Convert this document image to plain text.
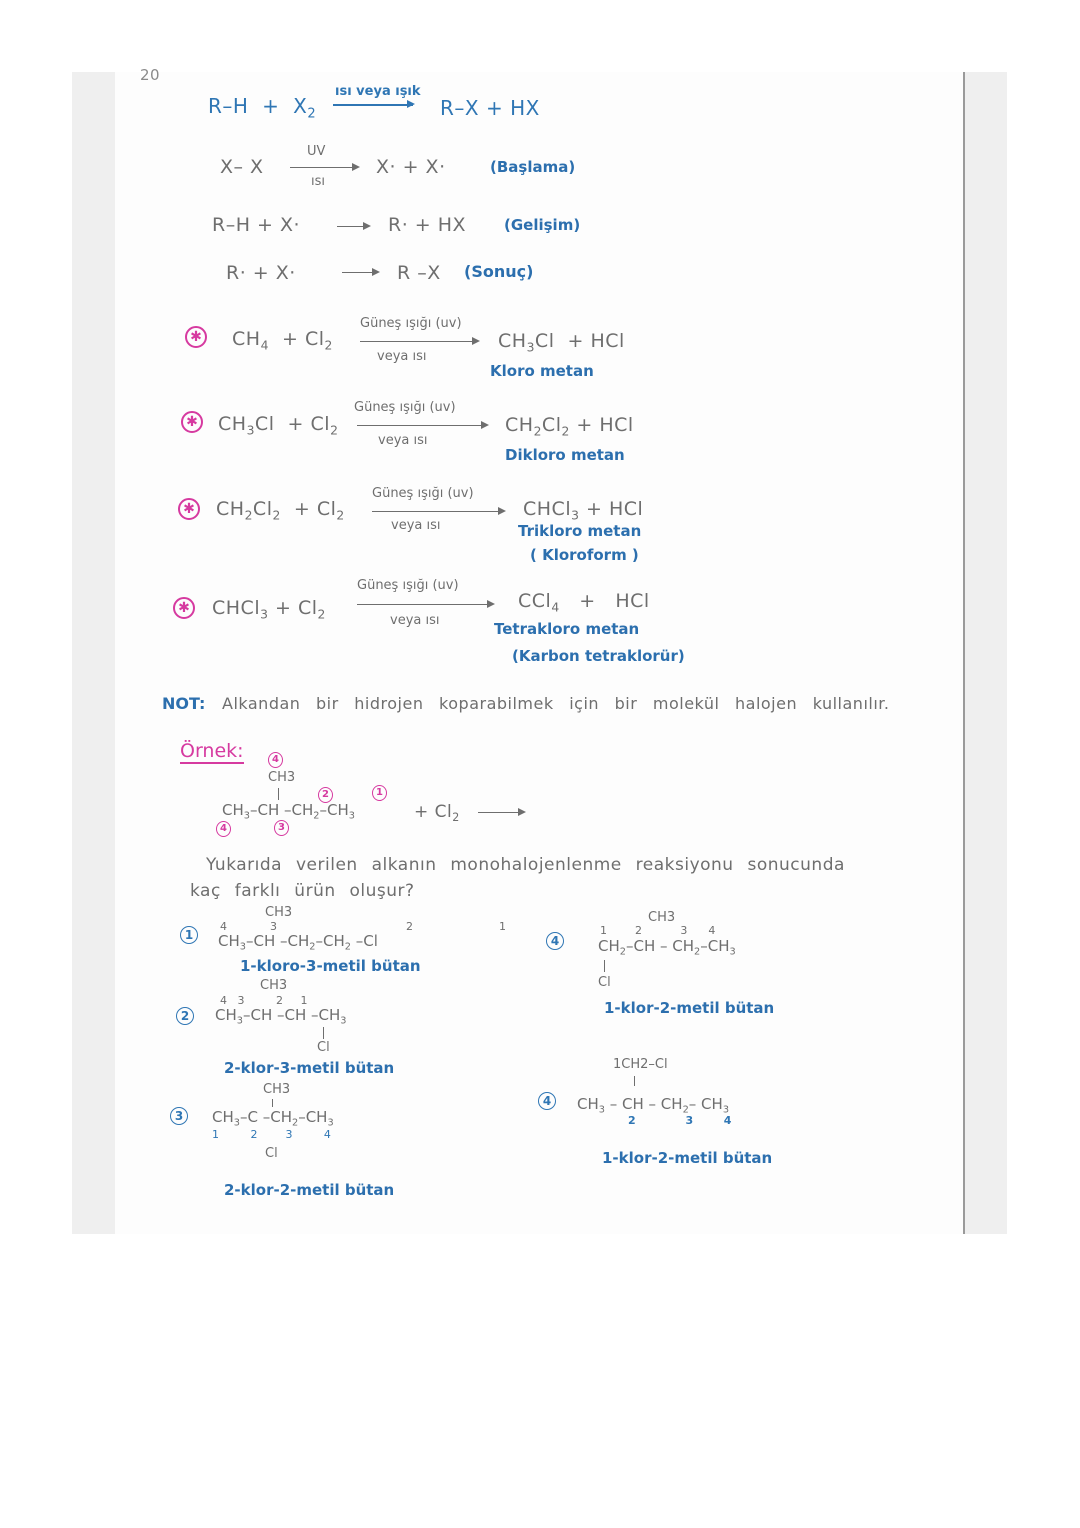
20
$R-H + X_2$
ısı veya ışık
R–X + HX
X– X
UV
ısı
X· + X·	(Başlama)
R–H + X· → R· + HX	(Gelişim)
R· + X·	→ R –X (Sonuç)
✱ $CH_4 + Cl_2$
Güneş ışığı (uv)
veya ısı
$CH_3Cl$  + HCl
Kloro metan
✱ $CH_3Cl + Cl_2$
Güneş ışığı (uv)
veya ısı
$CH_2Cl_2$ + HCl
Dikloro metan
✱ $CH_2Cl_2 + Cl_2$
Güneş ışığı (uv)
veya ısı
CHCl$_3$ + HCl
Trikloro metan
( Kloroform )
✱ CHCl$_3$ + $Cl_2$
Güneş ışığı (uv)
veya ısı
CCl$_4$   +   HCl
Tetrakloro metan
(Karbon tetraklorür)
NOT: Alkandan bir hidrojen koparabilmek için bir molekül halojen kullanılır.
Örnek:	4
CH3
2	1
$CH_3-CH$ $-CH_2-CH_3$	+ $Cl_2$ →
4	3
Yukarıda verilen alkanın monohalojenlenme reaksiyonu sonucunda kaç farklı ürün oluşur?
1
CH3
4  3      2    1
$CH_3-CH$ $-CH_2-CH_2$ –Cl
1-kloro-3-metil bütan
2
CH3
4   3         2     1
$CH_3-CH$ –CH $-CH_3$
Cl
2-klor-3-metil bütan
3
CH3
$CH_3-C$ $-CH_2-CH_3$
1         2        3         4
Cl
2-klor-2-metil bütan
4
CH3
1        2           3      4
$CH_2-CH - CH_2-CH_3$
Cl
1-klor-2-metil bütan
1CH2–Cl
4	$CH_3$ – CH – $CH_2-$ $CH_3$
2             3        4
1-klor-2-metil bütan
